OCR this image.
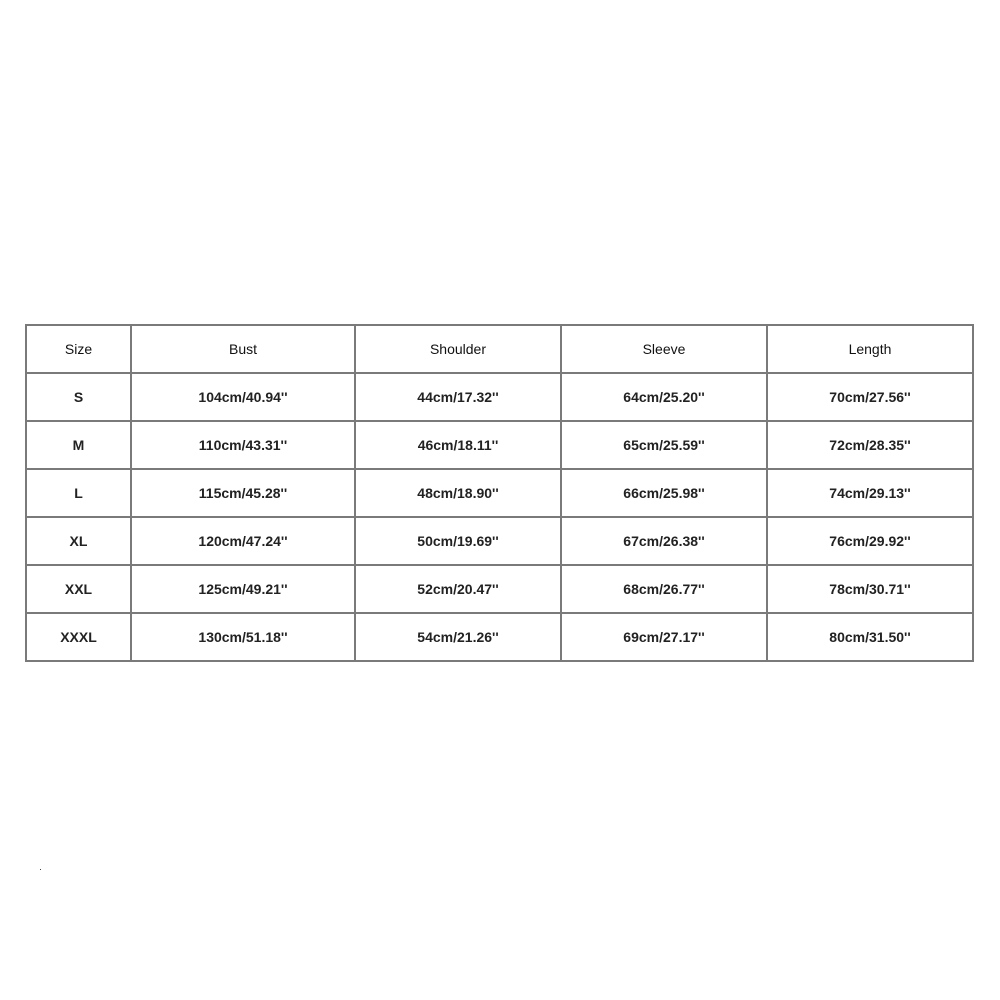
Size	Bust	Shoulder	Sleeve	Length
S	104cm/40.94''	44cm/17.32''	64cm/25.20''	70cm/27.56''
M	110cm/43.31''	46cm/18.11''	65cm/25.59''	72cm/28.35''
L	115cm/45.28''	48cm/18.90''	66cm/25.98''	74cm/29.13''
XL	120cm/47.24''	50cm/19.69''	67cm/26.38''	76cm/29.92''
XXL	125cm/49.21''	52cm/20.47''	68cm/26.77''	78cm/30.71''
XXXL	130cm/51.18''	54cm/21.26''	69cm/27.17''	80cm/31.50''
